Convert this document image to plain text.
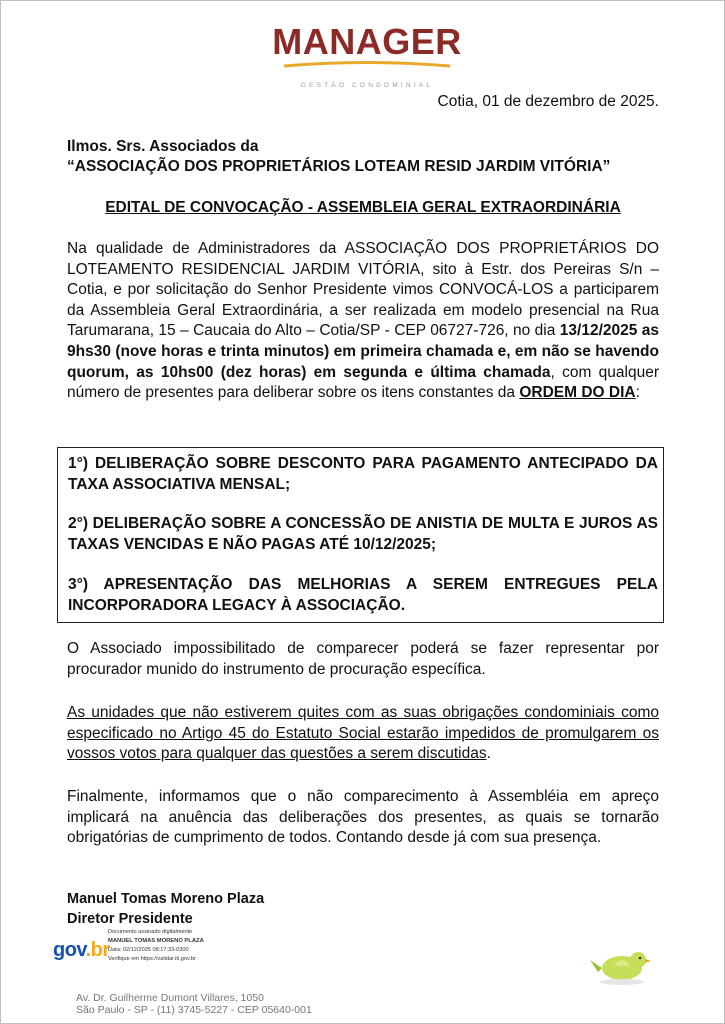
MANAGER
GESTÃO CONDOMINIAL
Cotia, 01 de dezembro de 2025.
Ilmos. Srs. Associados da
“ASSOCIAÇÃO DOS PROPRIETÁRIOS LOTEAM RESID JARDIM VITÓRIA”
EDITAL DE CONVOCAÇÃO - ASSEMBLEIA GERAL EXTRAORDINÁRIA
Na qualidade de Administradores da ASSOCIAÇÃO DOS PROPRIETÁRIOS DO LOTEAMENTO RESIDENCIAL JARDIM VITÓRIA, sito à Estr. dos Pereiras S/n – Cotia, e por solicitação do Senhor Presidente vimos CONVOCÁ-LOS a participarem da Assembleia Geral Extraordinária, a ser realizada em modelo presencial na Rua Tarumarana, 15 – Caucaia do Alto – Cotia/SP - CEP 06727-726, no dia 13/12/2025 as 9hs30 (nove horas e trinta minutos) em primeira chamada e, em não se havendo quorum, as 10hs00 (dez horas) em segunda e última chamada, com qualquer número de presentes para deliberar sobre os itens constantes da ORDEM DO DIA:
1°) DELIBERAÇÃO SOBRE DESCONTO PARA PAGAMENTO ANTECIPADO DA TAXA ASSOCIATIVA MENSAL;
2°) DELIBERAÇÃO SOBRE A CONCESSÃO DE ANISTIA DE MULTA E JUROS AS TAXAS VENCIDAS E NÃO PAGAS ATÉ 10/12/2025;
3°) APRESENTAÇÃO DAS MELHORIAS A SEREM ENTREGUES PELA INCORPORADORA LEGACY À ASSOCIAÇÃO.
O Associado impossibilitado de comparecer poderá se fazer representar por procurador munido do instrumento de procuração específica.
As unidades que não estiverem quites com as suas obrigações condominiais como especificado no Artigo 45 do Estatuto Social estarão impedidos de promulgarem os vossos votos para qualquer das questões a serem discutidas.
Finalmente, informamos que o não comparecimento à Assembléia em apreço implicará na anuência das deliberações dos presentes, as quais se tornarão obrigatórias de cumprimento de todos. Contando desde já com sua presença.
Manuel Tomas Moreno Plaza
Diretor Presidente
gov.br
Documento assinado digitalmente
MANUEL TOMAS MORENO PLAZA
Data: 02/12/2025 08:17:33-0300
Verifique em https://validar.iti.gov.br
Av. Dr. Guilherme Dumont Villares, 1050
São Paulo - SP - (11) 3745-5227 - CEP 05640-001
